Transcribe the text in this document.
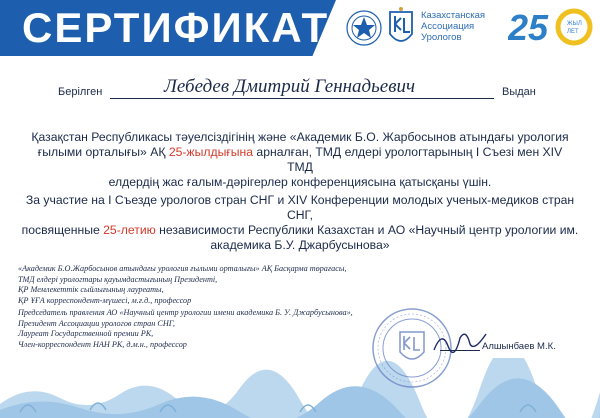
СЕРТИФИКАТ	Казахстанская
Ассоциация
Урологов	25	ЖЫЛ
ЛЕТ
Берілген	Лебедев Дмитрий Геннадьевич	Выдан
Қазақстан Республикасы тәуелсіздігінің және «Академик Б.О. Жарбосынов атындағы урология
ғылыми орталығы» АҚ 25-жылдығына арналған, ТМД елдері урологтарының І Съезі мен XIV ТМД
елдердің жас ғалым-дәрігерлер конференциясына қатысқаны үшін.
За участие на I Съезде урологов стран СНГ и XIV Конференции молодых ученых-медиков стран СНГ,
посвященные 25-летию независимости Республики Казахстан и АО «Научный центр урологии им.
академика Б.У. Джарбусынова»
«Академик Б.О.Жарбосынов атындағы урология ғылыми орталығы» АҚ Басқарма төрағасы,
ТМД елдері урологтары қауымдастығының Президенті,
ҚР Мемлекеттік сыйлығының лауреаты,
ҚР ҰҒА корреспондент-мүшесі, м.ғ.д., профессор
Председатель правления АО «Научный центр урологии имени академика Б. У. Джарбусынова»,
Президент Ассоциации урологов стран СНГ,
Лауреат Государственной премии РК,
Член-корреспондент НАН РК, д.м.н., профессор	Алшынбаев М.К.
